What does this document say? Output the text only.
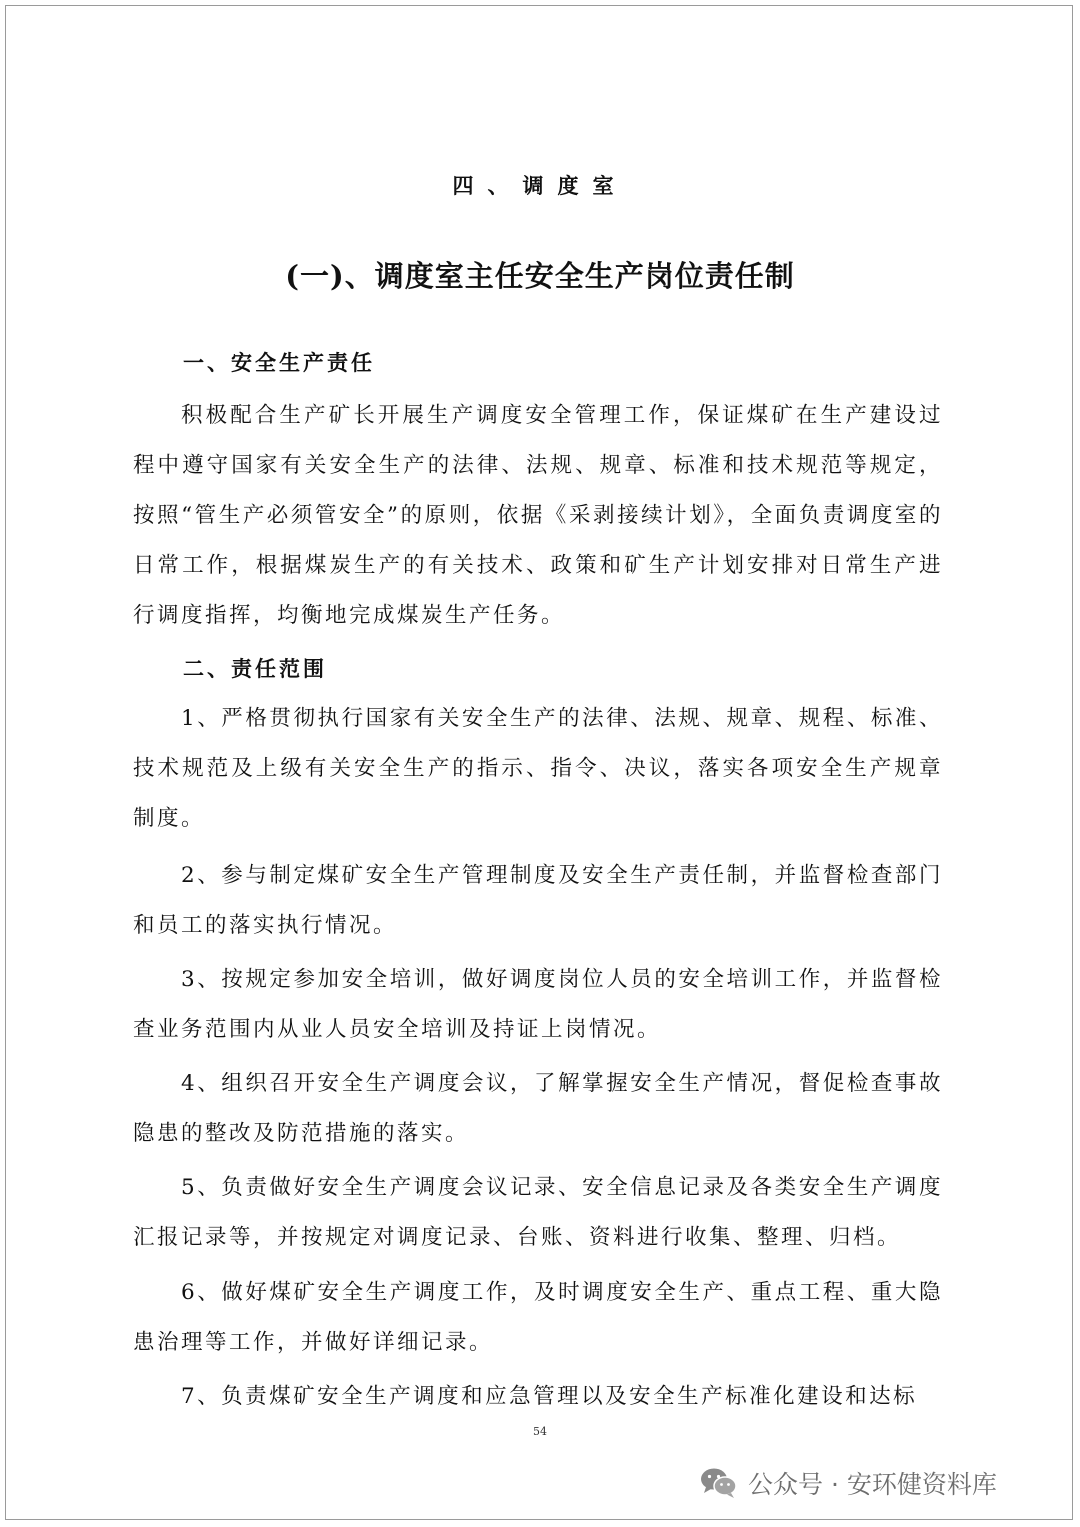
四、调度室
(一)、调度室主任安全生产岗位责任制
一、安全生产责任
积极配合生产矿长开展生产调度安全管理工作，保证煤矿在生产建设过程中遵守国家有关安全生产的法律、法规、规章、标准和技术规范等规定，按照“管生产必须管安全”的原则，依据《采剥接续计划》，全面负责调度室的日常工作，根据煤炭生产的有关技术、政策和矿生产计划安排对日常生产进行调度指挥，均衡地完成煤炭生产任务。
二、责任范围
1、严格贯彻执行国家有关安全生产的法律、法规、规章、规程、标准、技术规范及上级有关安全生产的指示、指令、决议，落实各项安全生产规章制度。
2、参与制定煤矿安全生产管理制度及安全生产责任制，并监督检查部门和员工的落实执行情况。
3、按规定参加安全培训，做好调度岗位人员的安全培训工作，并监督检查业务范围内从业人员安全培训及持证上岗情况。
4、组织召开安全生产调度会议，了解掌握安全生产情况，督促检查事故隐患的整改及防范措施的落实。
5、负责做好安全生产调度会议记录、安全信息记录及各类安全生产调度汇报记录等，并按规定对调度记录、台账、资料进行收集、整理、归档。
6、做好煤矿安全生产调度工作，及时调度安全生产、重点工程、重大隐患治理等工作，并做好详细记录。
7、负责煤矿安全生产调度和应急管理以及安全生产标准化建设和达标
54
公众号 · 安环健资料库
